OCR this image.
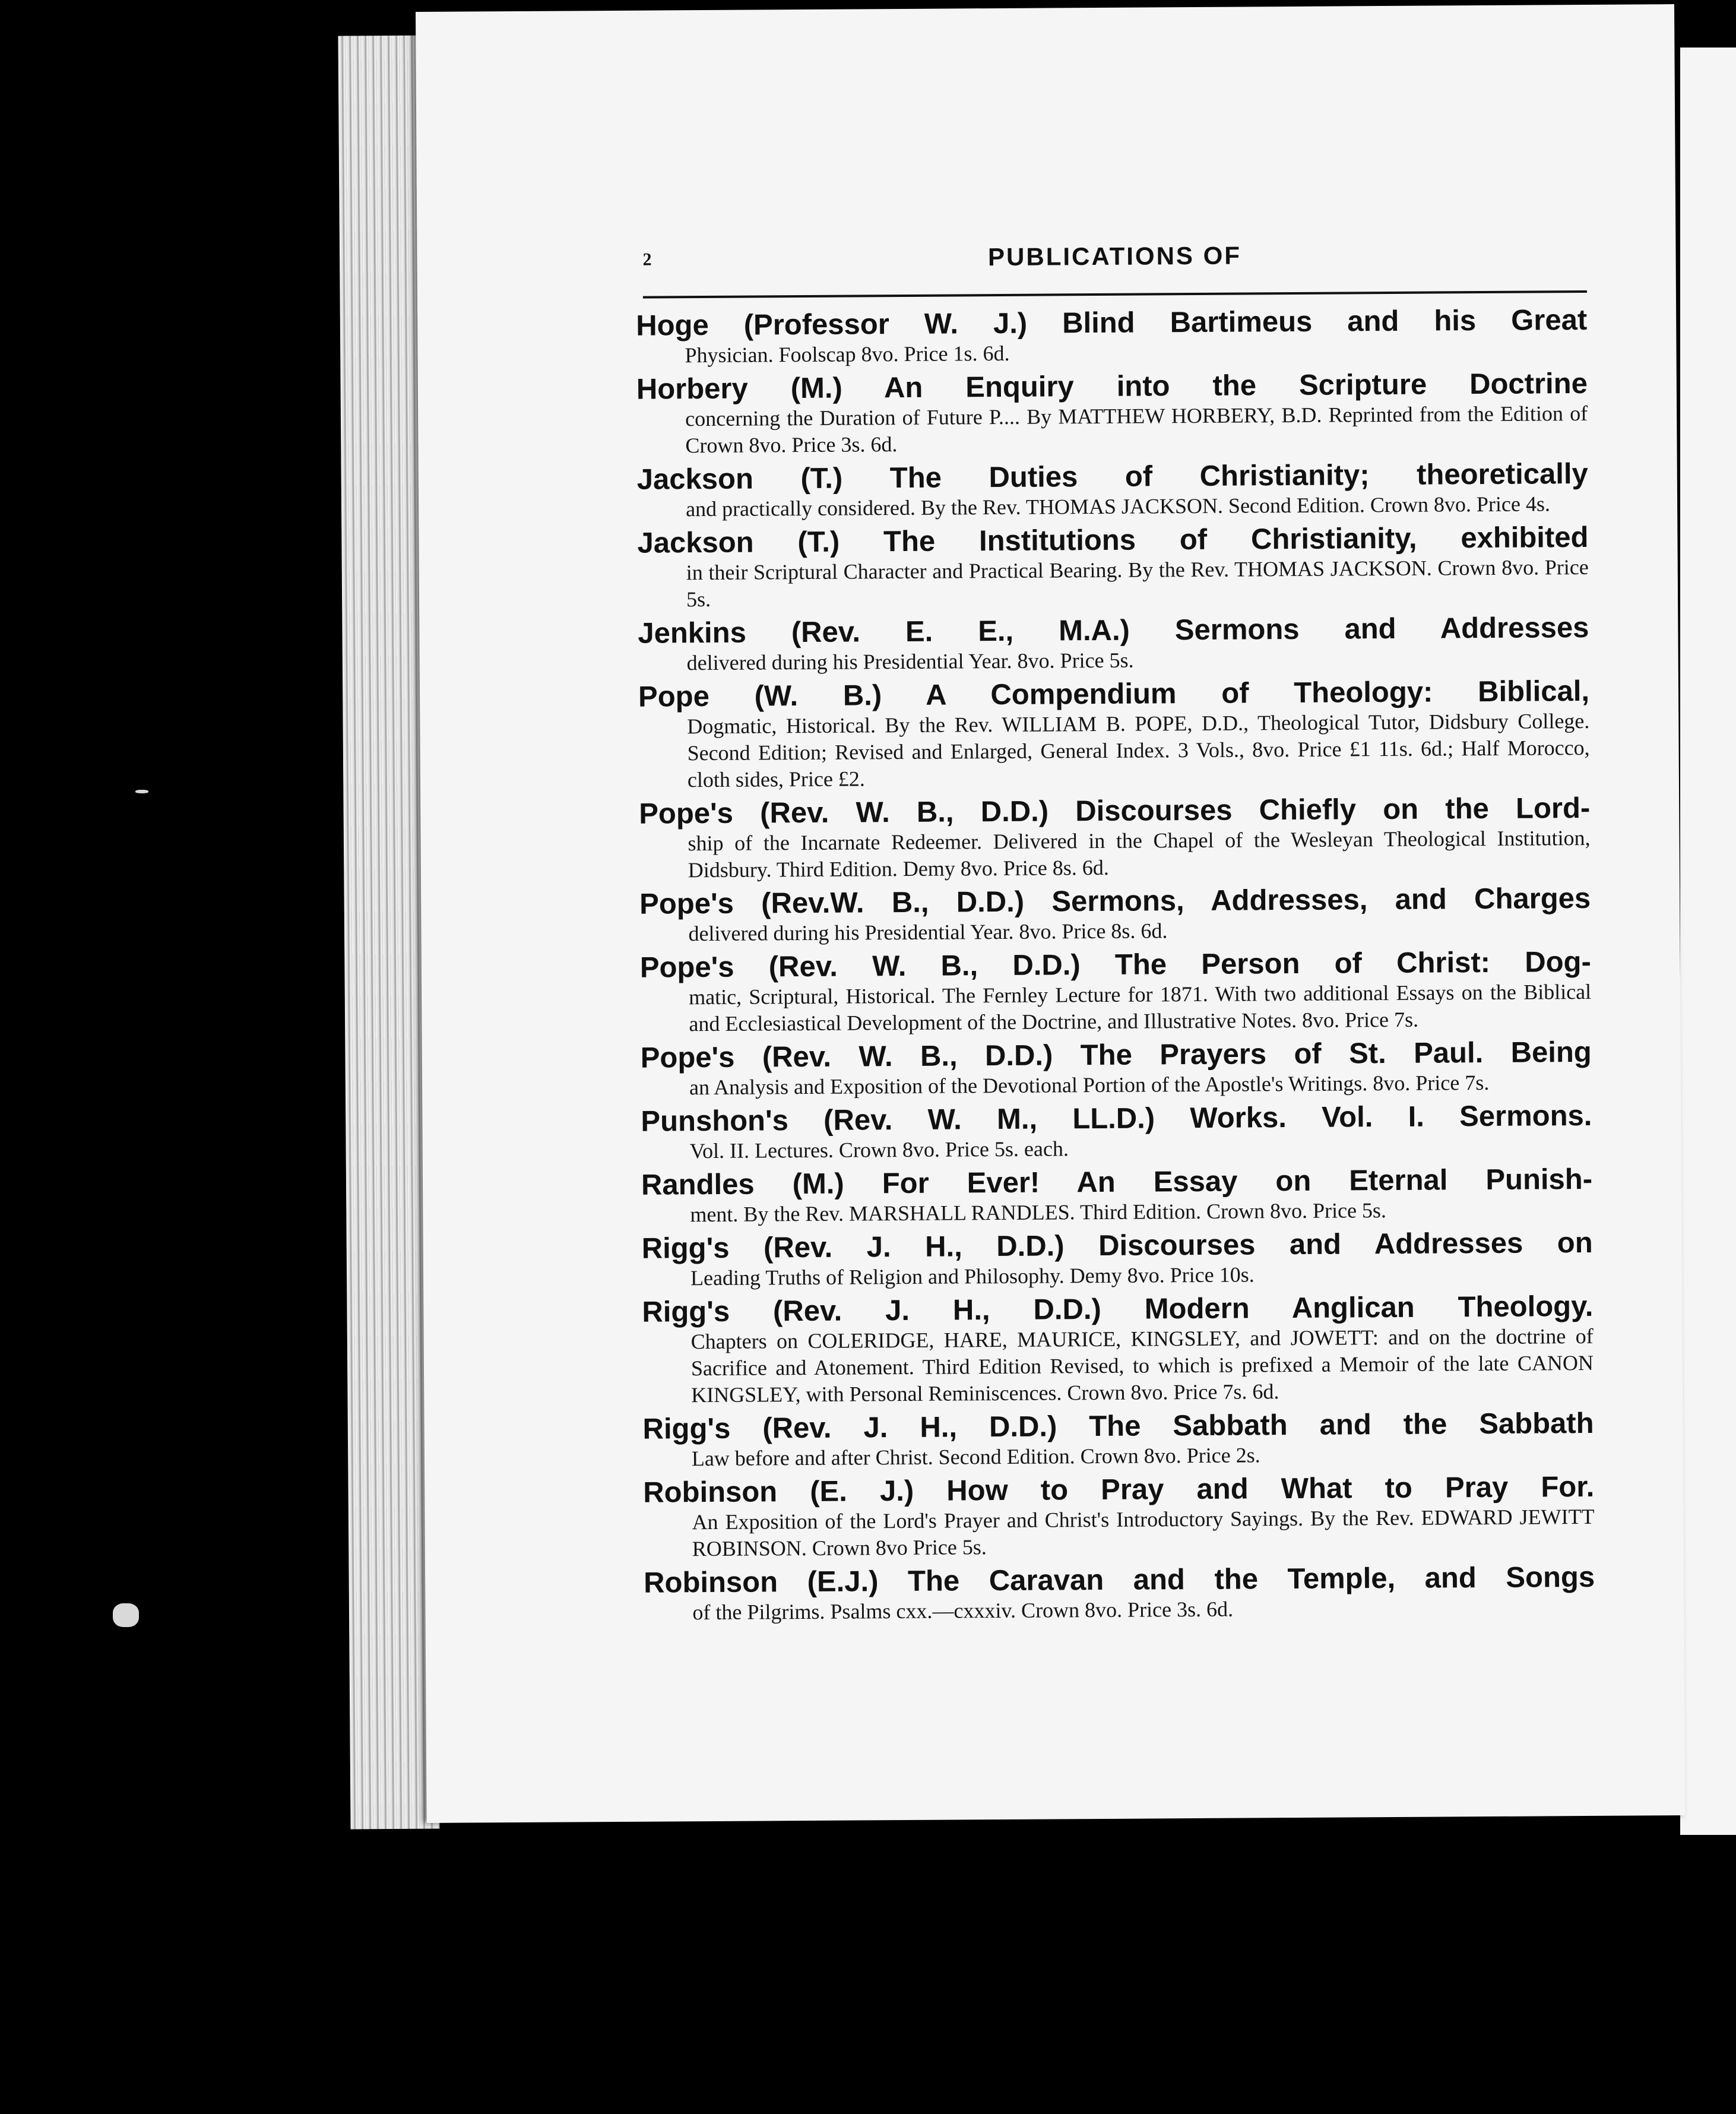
2	PUBLICATIONS OF
Hoge (Professor W. J.) Blind Bartimeus and his Great
Physician. Foolscap 8vo. Price 1s. 6d.
Horbery (M.) An Enquiry into the Scripture Doctrine
concerning the Duration of Future P.... By MATTHEW HORBERY, B.D. Reprinted from the Edition of Crown 8vo. Price 3s. 6d.
Jackson (T.) The Duties of Christianity; theoretically
and practically considered. By the Rev. THOMAS JACKSON. Second Edition. Crown 8vo. Price 4s.
Jackson (T.) The Institutions of Christianity, exhibited
in their Scriptural Character and Practical Bearing. By the Rev. THOMAS JACKSON. Crown 8vo. Price 5s.
Jenkins (Rev. E. E., M.A.) Sermons and Addresses
delivered during his Presidential Year. 8vo. Price 5s.
Pope (W. B.) A Compendium of Theology: Biblical,
Dogmatic, Historical. By the Rev. WILLIAM B. POPE, D.D., Theological Tutor, Didsbury College. Second Edition; Revised and Enlarged, General Index. 3 Vols., 8vo. Price £1 11s. 6d.; Half Morocco, cloth sides, Price £2.
Pope's (Rev. W. B., D.D.) Discourses Chiefly on the Lord-
ship of the Incarnate Redeemer. Delivered in the Chapel of the Wesleyan Theological Institution, Didsbury. Third Edition. Demy 8vo. Price 8s. 6d.
Pope's (Rev.W. B., D.D.) Sermons, Addresses, and Charges
delivered during his Presidential Year. 8vo. Price 8s. 6d.
Pope's (Rev. W. B., D.D.) The Person of Christ: Dog-
matic, Scriptural, Historical. The Fernley Lecture for 1871. With two additional Essays on the Biblical and Ecclesiastical Development of the Doctrine, and Illustrative Notes. 8vo. Price 7s.
Pope's (Rev. W. B., D.D.) The Prayers of St. Paul. Being
an Analysis and Exposition of the Devotional Portion of the Apostle's Writings. 8vo. Price 7s.
Punshon's (Rev. W. M., LL.D.) Works. Vol. I. Sermons.
Vol. II. Lectures. Crown 8vo. Price 5s. each.
Randles (M.) For Ever! An Essay on Eternal Punish-
ment. By the Rev. MARSHALL RANDLES. Third Edition. Crown 8vo. Price 5s.
Rigg's (Rev. J. H., D.D.) Discourses and Addresses on
Leading Truths of Religion and Philosophy. Demy 8vo. Price 10s.
Rigg's (Rev. J. H., D.D.) Modern Anglican Theology.
Chapters on COLERIDGE, HARE, MAURICE, KINGSLEY, and JOWETT: and on the doctrine of Sacrifice and Atonement. Third Edition Revised, to which is prefixed a Memoir of the late CANON KINGSLEY, with Personal Reminiscences. Crown 8vo. Price 7s. 6d.
Rigg's (Rev. J. H., D.D.) The Sabbath and the Sabbath
Law before and after Christ. Second Edition. Crown 8vo. Price 2s.
Robinson (E. J.) How to Pray and What to Pray For.
An Exposition of the Lord's Prayer and Christ's Introductory Sayings. By the Rev. EDWARD JEWITT ROBINSON. Crown 8vo Price 5s.
Robinson (E.J.) The Caravan and the Temple, and Songs
of the Pilgrims. Psalms cxx.—cxxxiv. Crown 8vo. Price 3s. 6d.
